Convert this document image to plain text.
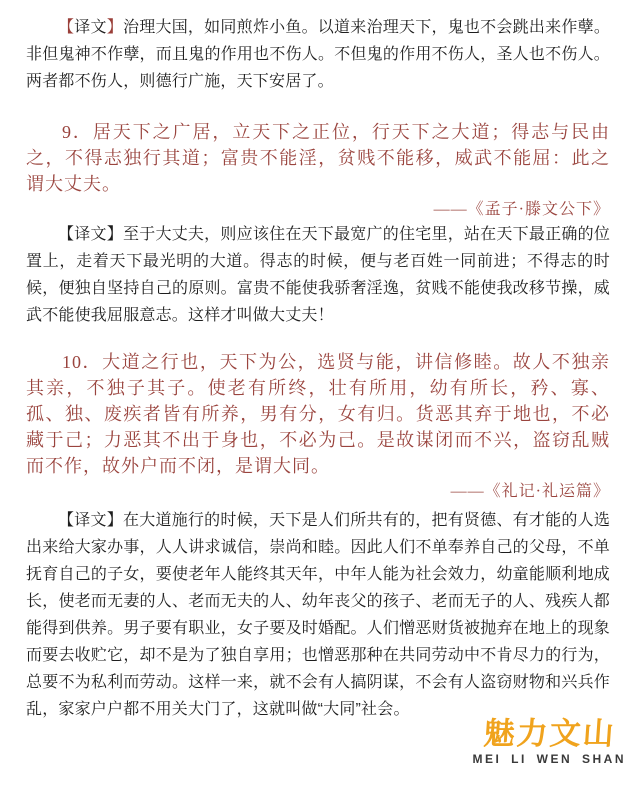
【译文】治理大国，如同煎炸小鱼。以道来治理天下，鬼也不会跳出来作孽。非但鬼神不作孽，而且鬼的作用也不伤人。不但鬼的作用不伤人，圣人也不伤人。两者都不伤人，则德行广施，天下安居了。

9．居天下之广居，立天下之正位，行天下之大道；得志与民由之，不得志独行其道；富贵不能淫，贫贱不能移，威武不能屈：此之谓大丈夫。

——《孟子·滕文公下》

【译文】至于大丈夫，则应该住在天下最宽广的住宅里，站在天下最正确的位置上，走着天下最光明的大道。得志的时候，便与老百姓一同前进；不得志的时候，便独自坚持自己的原则。富贵不能使我骄奢淫逸，贫贱不能使我改移节操，威武不能使我屈服意志。这样才叫做大丈夫！

10．大道之行也，天下为公，选贤与能，讲信修睦。故人不独亲其亲，不独子其子。使老有所终，壮有所用，幼有所长，矜、寡、孤、独、废疾者皆有所养，男有分，女有归。货恶其弃于地也，不必藏于己；力恶其不出于身也，不必为己。是故谋闭而不兴，盗窃乱贼而不作，故外户而不闭，是谓大同。

——《礼记·礼运篇》

【译文】在大道施行的时候，天下是人们所共有的，把有贤德、有才能的人选出来给大家办事，人人讲求诚信，崇尚和睦。因此人们不单奉养自己的父母，不单抚育自己的子女，要使老年人能终其天年，中年人能为社会效力，幼童能顺利地成长，使老而无妻的人、老而无夫的人、幼年丧父的孩子、老而无子的人、残疾人都能得到供养。男子要有职业，女子要及时婚配。人们憎恶财货被抛弃在地上的现象而要去收贮它，却不是为了独自享用；也憎恶那种在共同劳动中不肯尽力的行为，总要不为私利而劳动。这样一来，就不会有人搞阴谋，不会有人盗窃财物和兴兵作乱，家家户户都不用关大门了，这就叫做“大同”社会。

魅力文山
MEI LI WEN SHAN
